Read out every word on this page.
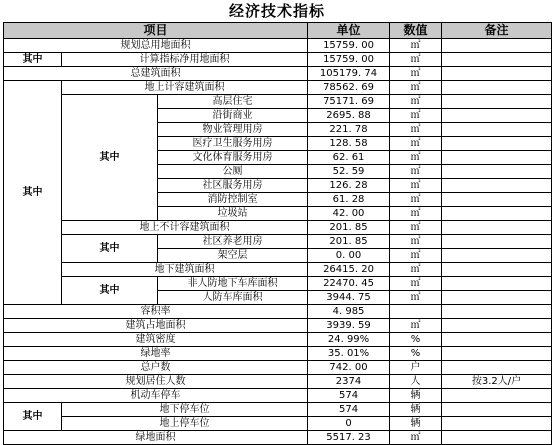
经济技术指标
项目			单位	数值	备注
规划总用地面积			15759. 00	㎡	
其中	计算指标净用地面积		15759. 00	㎡	
总建筑面积			105179. 74	㎡	
其中	地上计容建筑面积		78562. 69	㎡	
	其中	高层住宅	75171. 69	㎡	
		沿街商业	2695. 88	㎡	
		物业管理用房	221. 78	㎡	
		医疗卫生服务用房	128. 58	㎡	
		文化体育服务用房	62. 61	㎡	
		公厕	52. 59	㎡	
		社区服务用房	126. 28	㎡	
		消防控制室	61. 28	㎡	
		垃圾站	42. 00	㎡	
	地上不计容建筑面积		201. 85	㎡	
	其中	社区养老用房	201. 85	㎡	
		架空层	0. 00	㎡	
	地下建筑面积		26415. 20	㎡	
	其中	非人防地下车库面积	22470. 45	㎡	
		人防车库面积	3944. 75	㎡	
容积率			4. 985		
建筑占地面积			3939. 59	㎡	
建筑密度			24. 99%	%	
绿地率			35. 01%	%	
总户数			742. 00	户	
规划居住人数			2374	人	按3.2人/户
机动车停车			574	辆	
其中	地下停车位		574	辆	
	地上停车位		0	辆	
绿地面积			5517. 23	㎡	
